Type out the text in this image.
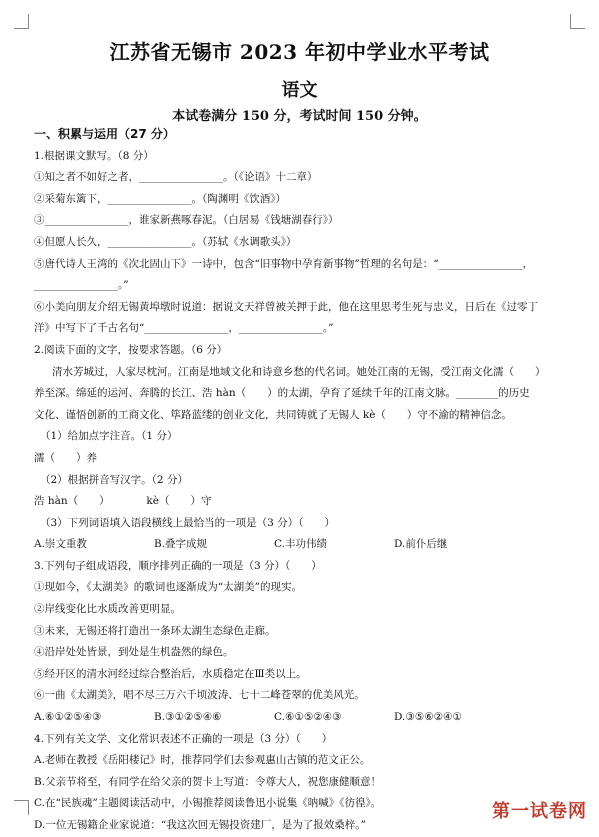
江苏省无锡市 2023 年初中学业水平考试
语文
本试卷满分 150 分，考试时间 150 分钟。
一、积累与运用（27 分）
1.根据课文默写。（8 分）
①知之者不如好之者，________________。（《论语》十二章）
②采菊东篱下，________________。（陶渊明《饮酒》）
③________________，谁家新燕啄春泥。（白居易《钱塘湖春行》）
④但愿人长久，________________。（苏轼《水调歌头》）
⑤唐代诗人王湾的《次北固山下》一诗中，包含“旧事物中孕育新事物”哲理的名句是：“________________，
________________。”
⑥小美向朋友介绍无锡黄埠墩时说道：据说文天祥曾被关押于此，他在这里思考生死与忠义，日后在《过零丁
洋》中写下了千古名句“________________，________________。”
2.阅读下面的文字，按要求答题。（6 分）
清水芳城过，人家尽枕河。江南是地域文化和诗意乡愁的代名词。她处江南的无锡，受江南文化濡（　　）
养至深。绵延的运河、奔腾的长江、浩 hàn（　　）的太湖，孕育了延续千年的江南文脉。________的历史
文化、谨悟创新的工商文化、筚路蓝缕的创业文化，共同铸就了无锡人 kè（　　）守不渝的精神信念。
（1）给加点字注音。（1 分）
濡（　　）养
（2）根据拼音写汉字。（2 分）
浩 hàn（　　）　　　　kè（　　）守
（3）下列词语填入语段横线上最恰当的一项是（3 分）（　　）
A.崇文重教	B.叠字成规	C.丰功伟绩	D.前仆后继
3.下列句子组成语段，顺序排列正确的一项是（3 分）（　　）
①现如今，《太湖美》的歌词也逐渐成为“太湖美”的现实。
②岸线变化比水质改善更明显。
③未来，无锡还将打造出一条环太湖生态绿色走廊。
④沿岸处处皆景，到处是生机盎然的绿色。
⑤经开区的清水河经过综合整治后，水质稳定在Ⅲ类以上。
⑥一曲《太湖美》，唱不尽三万六千顷波涛、七十二峰苍翠的优美风光。
A.⑥①②⑤④③	B.③①②⑤④⑥	C.⑥①⑤②④③	D.③⑤⑥②④①
4.下列有关文学、文化常识表述不正确的一项是（3 分）（　　）
A.老师在教授《岳阳楼记》时，推荐同学们去参观惠山古镇的范文正公。
B.父亲节将至，有同学在给父亲的贺卡上写道：令尊大人，祝您康健顺意！
C.在“民族魂”主题阅读活动中，小锡推荐阅读鲁迅小说集《呐喊》《彷徨》。
D.一位无锡籍企业家说道：“我这次回无锡投资建厂，是为了报效桑梓。”
第一试卷网
